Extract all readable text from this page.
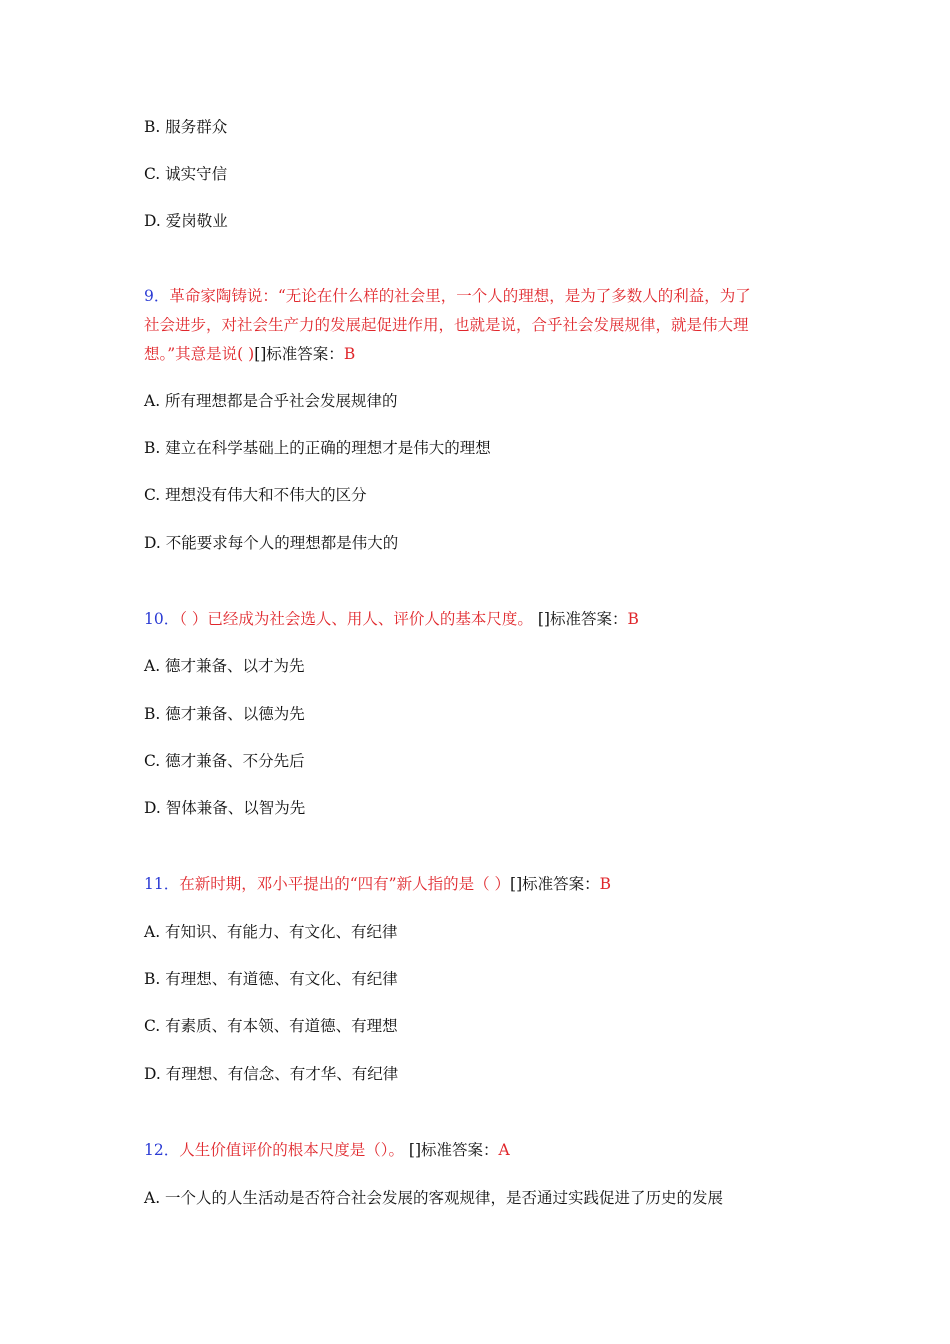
B. 服务群众
C. 诚实守信
D. 爱岗敬业
9．革命家陶铸说：“无论在什么样的社会里，一个人的理想，是为了多数人的利益，为了
社会进步，对社会生产力的发展起促进作用，也就是说，合乎社会发展规律，就是伟大理
想。”其意是说( )[]标准答案：B
A. 所有理想都是合乎社会发展规律的
B. 建立在科学基础上的正确的理想才是伟大的理想
C. 理想没有伟大和不伟大的区分
D. 不能要求每个人的理想都是伟大的
10．（ ）已经成为社会选人、用人、评价人的基本尺度。 []标准答案：B
A. 德才兼备、以才为先
B. 德才兼备、以德为先
C. 德才兼备、不分先后
D. 智体兼备、以智为先
11．在新时期，邓小平提出的“四有”新人指的是（ ）[]标准答案：B
A. 有知识、有能力、有文化、有纪律
B. 有理想、有道德、有文化、有纪律
C. 有素质、有本领、有道德、有理想
D. 有理想、有信念、有才华、有纪律
12．人生价值评价的根本尺度是（）。 []标准答案：A
A. 一个人的人生活动是否符合社会发展的客观规律，是否通过实践促进了历史的发展
